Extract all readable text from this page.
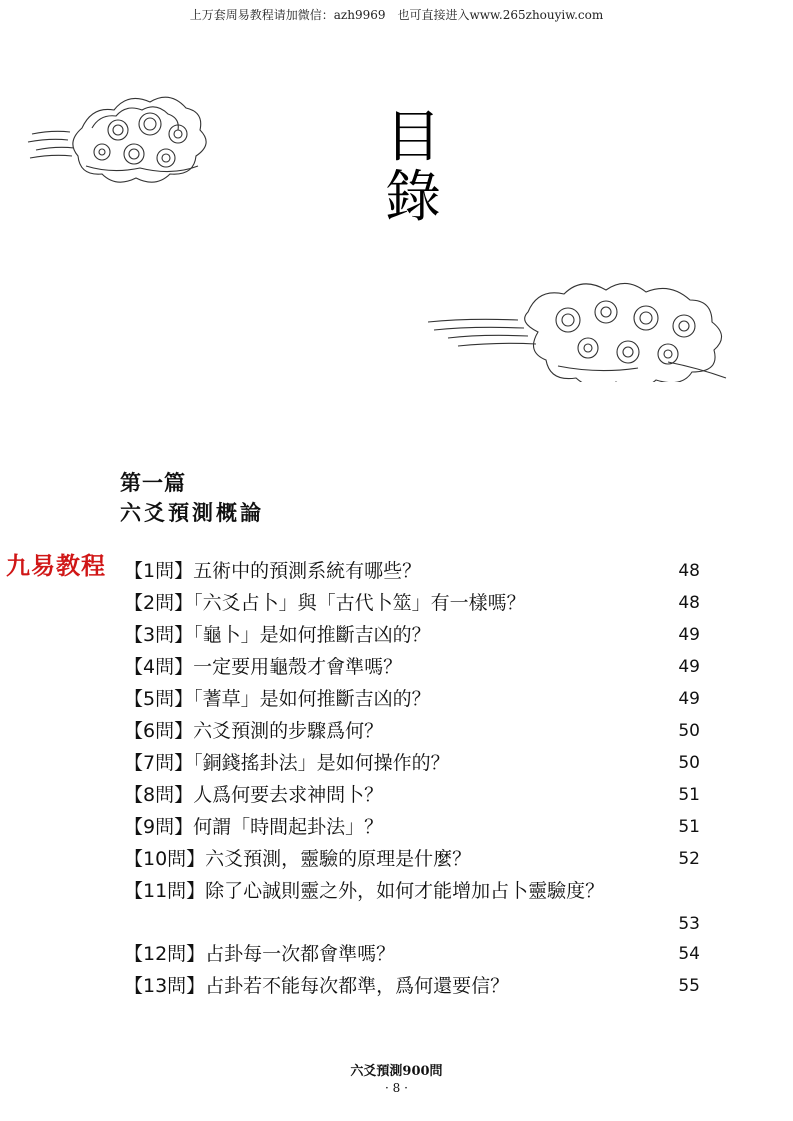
上万套周易教程请加微信：azh9969　也可直接进入www.265zhouyiw.com
目
錄
第一篇
六爻預測概論
九易教程 【1問】五術中的預測系統有哪些？	48
【2問】「六爻占卜」與「古代卜筮」有一樣嗎？	48
【3問】「龜卜」是如何推斷吉凶的？	49
【4問】一定要用龜殼才會準嗎？	49
【5問】「蓍草」是如何推斷吉凶的？	49
【6問】六爻預測的步驟爲何？	50
【7問】「銅錢搖卦法」是如何操作的？	50
【8問】人爲何要去求神問卜？	51
【9問】何謂「時間起卦法」？	51
【10問】六爻預測，靈驗的原理是什麼？	52
【11問】除了心誠則靈之外，如何才能增加占卜靈驗度？
53
【12問】占卦每一次都會準嗎？	54
【13問】占卦若不能每次都準，爲何還要信？	55
六爻預測900問
· 8 ·
